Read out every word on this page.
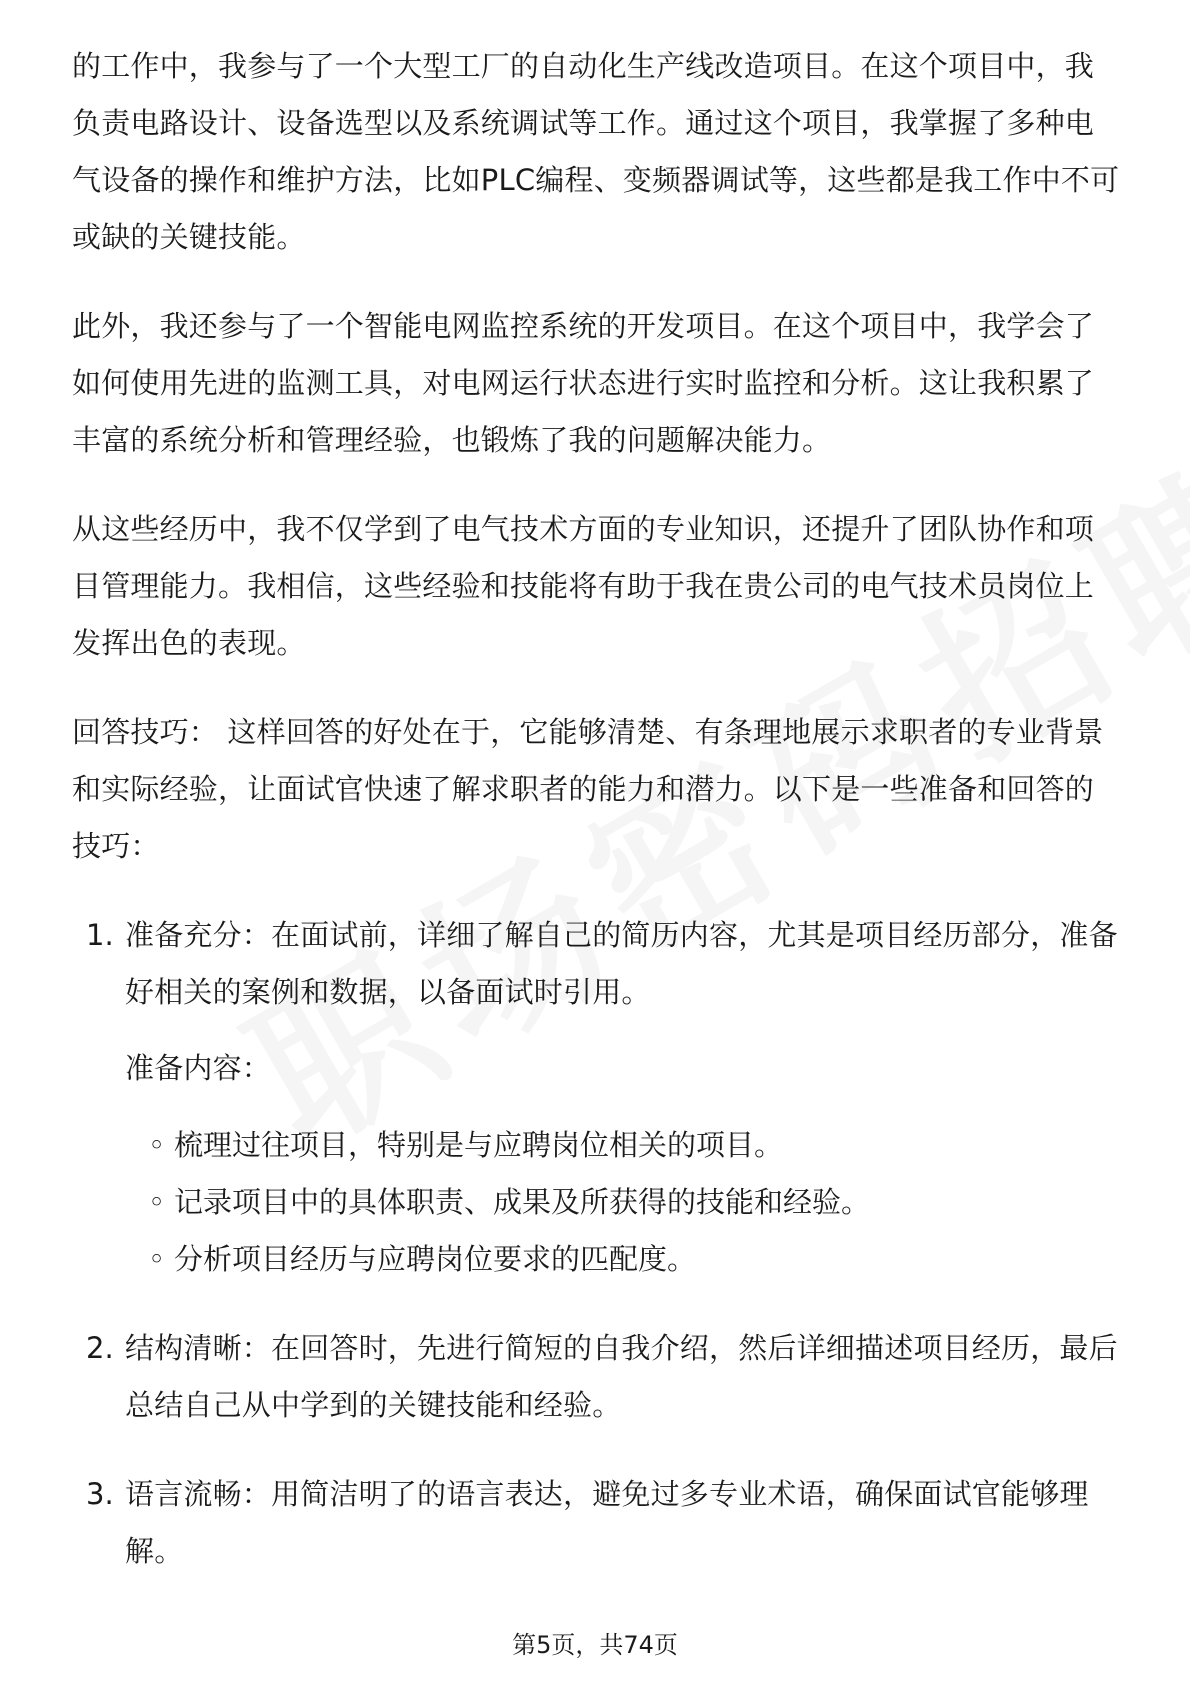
的工作中，我参与了一个大型工厂的自动化生产线改造项目。在这个项目中，我负责电路设计、设备选型以及系统调试等工作。通过这个项目，我掌握了多种电气设备的操作和维护方法，比如PLC编程、变频器调试等，这些都是我工作中不可或缺的关键技能。

此外，我还参与了一个智能电网监控系统的开发项目。在这个项目中，我学会了如何使用先进的监测工具，对电网运行状态进行实时监控和分析。这让我积累了丰富的系统分析和管理经验，也锻炼了我的问题解决能力。

从这些经历中，我不仅学到了电气技术方面的专业知识，还提升了团队协作和项目管理能力。我相信，这些经验和技能将有助于我在贵公司的电气技术员岗位上发挥出色的表现。

回答技巧： 这样回答的好处在于，它能够清楚、有条理地展示求职者的专业背景和实际经验，让面试官快速了解求职者的能力和潜力。以下是一些准备和回答的技巧：

1. 准备充分：在面试前，详细了解自己的简历内容，尤其是项目经历部分，准备好相关的案例和数据，以备面试时引用。

准备内容：

◦ 梳理过往项目，特别是与应聘岗位相关的项目。
◦ 记录项目中的具体职责、成果及所获得的技能和经验。
◦ 分析项目经历与应聘岗位要求的匹配度。
2. 结构清晰：在回答时，先进行简短的自我介绍，然后详细描述项目经历，最后总结自己从中学到的关键技能和经验。

3. 语言流畅：用简洁明了的语言表达，避免过多专业术语，确保面试官能够理解。

第5页，共74页
